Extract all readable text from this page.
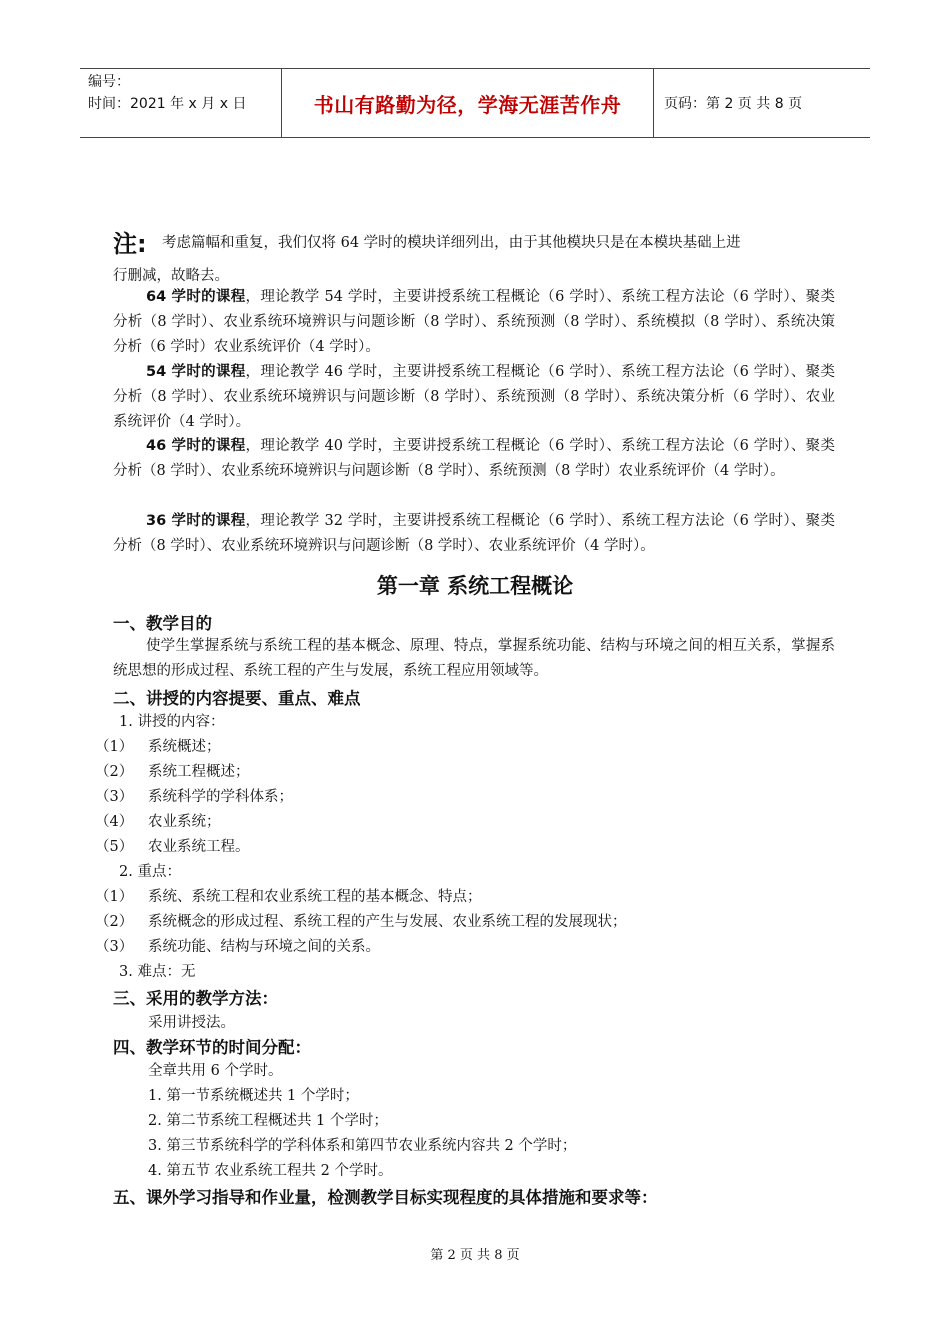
编号：
时间：2021 年 x 月 x 日	书山有路勤为径，学海无涯苦作舟	页码：第 2 页 共 8 页
注: 考虑篇幅和重复，我们仅将 64 学时的模块详细列出，由于其他模块只是在本模块基础上进
行删减，故略去。
64 学时的课程，理论教学 54 学时，主要讲授系统工程概论（6 学时）、系统工程方法论（6 学时）、聚类分析（8 学时）、农业系统环境辨识与问题诊断（8 学时）、系统预测（8 学时）、系统模拟（8 学时）、系统决策分析（6 学时）农业系统评价（4 学时）。
54 学时的课程，理论教学 46 学时，主要讲授系统工程概论（6 学时）、系统工程方法论（6 学时）、聚类分析（8 学时）、农业系统环境辨识与问题诊断（8 学时）、系统预测（8 学时）、系统决策分析（6 学时）、农业系统评价（4 学时）。
46 学时的课程，理论教学 40 学时，主要讲授系统工程概论（6 学时）、系统工程方法论（6 学时）、聚类分析（8 学时）、农业系统环境辨识与问题诊断（8 学时）、系统预测（8 学时）农业系统评价（4 学时）。
36 学时的课程，理论教学 32 学时，主要讲授系统工程概论（6 学时）、系统工程方法论（6 学时）、聚类分析（8 学时）、农业系统环境辨识与问题诊断（8 学时）、农业系统评价（4 学时）。
第一章 系统工程概论
一、教学目的
使学生掌握系统与系统工程的基本概念、原理、特点，掌握系统功能、结构与环境之间的相互关系，掌握系统思想的形成过程、系统工程的产生与发展，系统工程应用领域等。
二、讲授的内容提要、重点、难点
1. 讲授的内容：
（1） 系统概述；
（2） 系统工程概述；
（3） 系统科学的学科体系；
（4） 农业系统；
（5） 农业系统工程。
2. 重点：
（1） 系统、系统工程和农业系统工程的基本概念、特点；
（2） 系统概念的形成过程、系统工程的产生与发展、农业系统工程的发展现状；
（3） 系统功能、结构与环境之间的关系。
3. 难点：无
三、采用的教学方法：
采用讲授法。
四、教学环节的时间分配：
全章共用 6 个学时。
1. 第一节系统概述共 1 个学时；
2. 第二节系统工程概述共 1 个学时；
3. 第三节系统科学的学科体系和第四节农业系统内容共 2 个学时；
4. 第五节 农业系统工程共 2 个学时。
五、课外学习指导和作业量，检测教学目标实现程度的具体措施和要求等：
第 2 页 共 8 页
